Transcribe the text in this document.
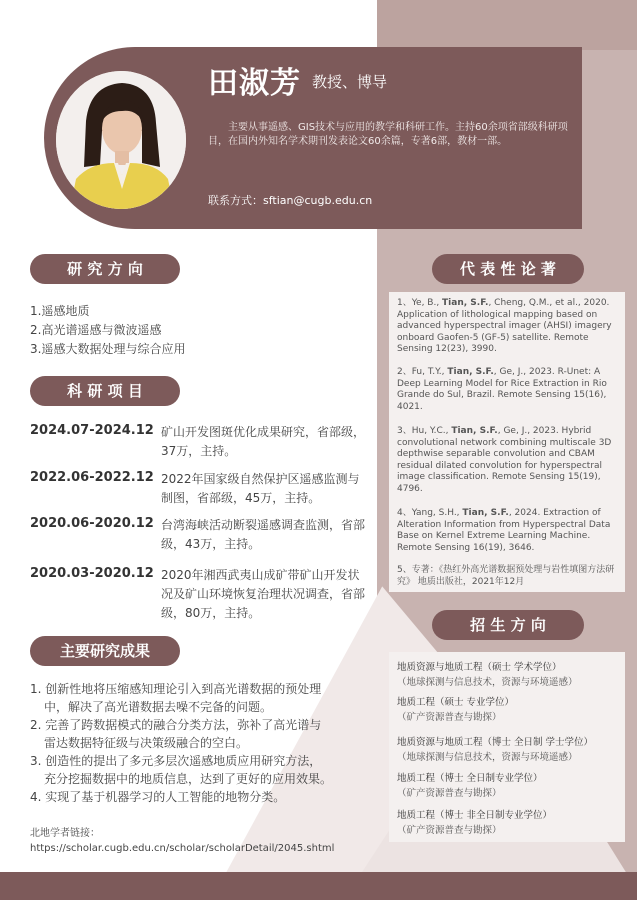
田淑芳 教授、博导
主要从事遥感、GIS技术与应用的教学和科研工作。主持60余项省部级科研项目，在国内外知名学术期刊发表论文60余篇，专著6部，教材一部。
联系方式：sftian@cugb.edu.cn
研 究 方 向
1.遥感地质
2.高光谱遥感与微波遥感
3.遥感大数据处理与综合应用
科 研 项 目
2024.07-2024.12 矿山开发图斑优化成果研究，省部级，37万，主持。
2022.06-2022.12 2022年国家级自然保护区遥感监测与制图，省部级，45万，主持。
2020.06-2020.12 台湾海峡活动断裂遥感调查监测，省部级，43万，主持。
2020.03-2020.12 2020年湘西武夷山成矿带矿山开发状况及矿山环境恢复治理状况调查，省部级，80万，主持。
主要研究成果
1. 创新性地将压缩感知理论引入到高光谱数据的预处理
中，解决了高光谱数据去噪不完备的问题。
2. 完善了跨数据模式的融合分类方法，弥补了高光谱与
雷达数据特征级与决策级融合的空白。
3. 创造性的提出了多元多层次遥感地质应用研究方法，
充分挖掘数据中的地质信息，达到了更好的应用效果。
4. 实现了基于机器学习的人工智能的地物分类。
北地学者链接：
https://scholar.cugb.edu.cn/scholar/scholarDetail/2045.shtml
代 表 性 论 著
1、Ye, B., Tian, S.F., Cheng, Q.M., et al., 2020. Application of lithological mapping based on advanced hyperspectral imager (AHSI) imagery onboard Gaofen-5 (GF-5) satellite. Remote Sensing 12(23), 3990.
2、Fu, T.Y., Tian, S.F., Ge, J., 2023. R-Unet: A Deep Learning Model for Rice Extraction in Rio Grande do Sul, Brazil. Remote Sensing 15(16), 4021.
3、Hu, Y.C., Tian, S.F., Ge, J., 2023. Hybrid convolutional network combining multiscale 3D depthwise separable convolution and CBAM residual dilated convolution for hyperspectral image classification. Remote Sensing 15(19), 4796.
4、Yang, S.H., Tian, S.F., 2024. Extraction of Alteration Information from Hyperspectral Data Base on Kernel Extreme Learning Machine. Remote Sensing 16(19), 3646.
5、专著：《热红外高光谱数据预处理与岩性填图方法研究》 地质出版社，2021年12月
招 生 方 向
地质资源与地质工程（硕士 学术学位）
（地球探测与信息技术，资源与环境遥感）
地质工程（硕士 专业学位）
（矿产资源普查与勘探）
地质资源与地质工程（博士 全日制 学士学位）
（地球探测与信息技术，资源与环境遥感）
地质工程（博士 全日制专业学位）
（矿产资源普查与勘探）
地质工程（博士 非全日制专业学位）
（矿产资源普查与勘探）
